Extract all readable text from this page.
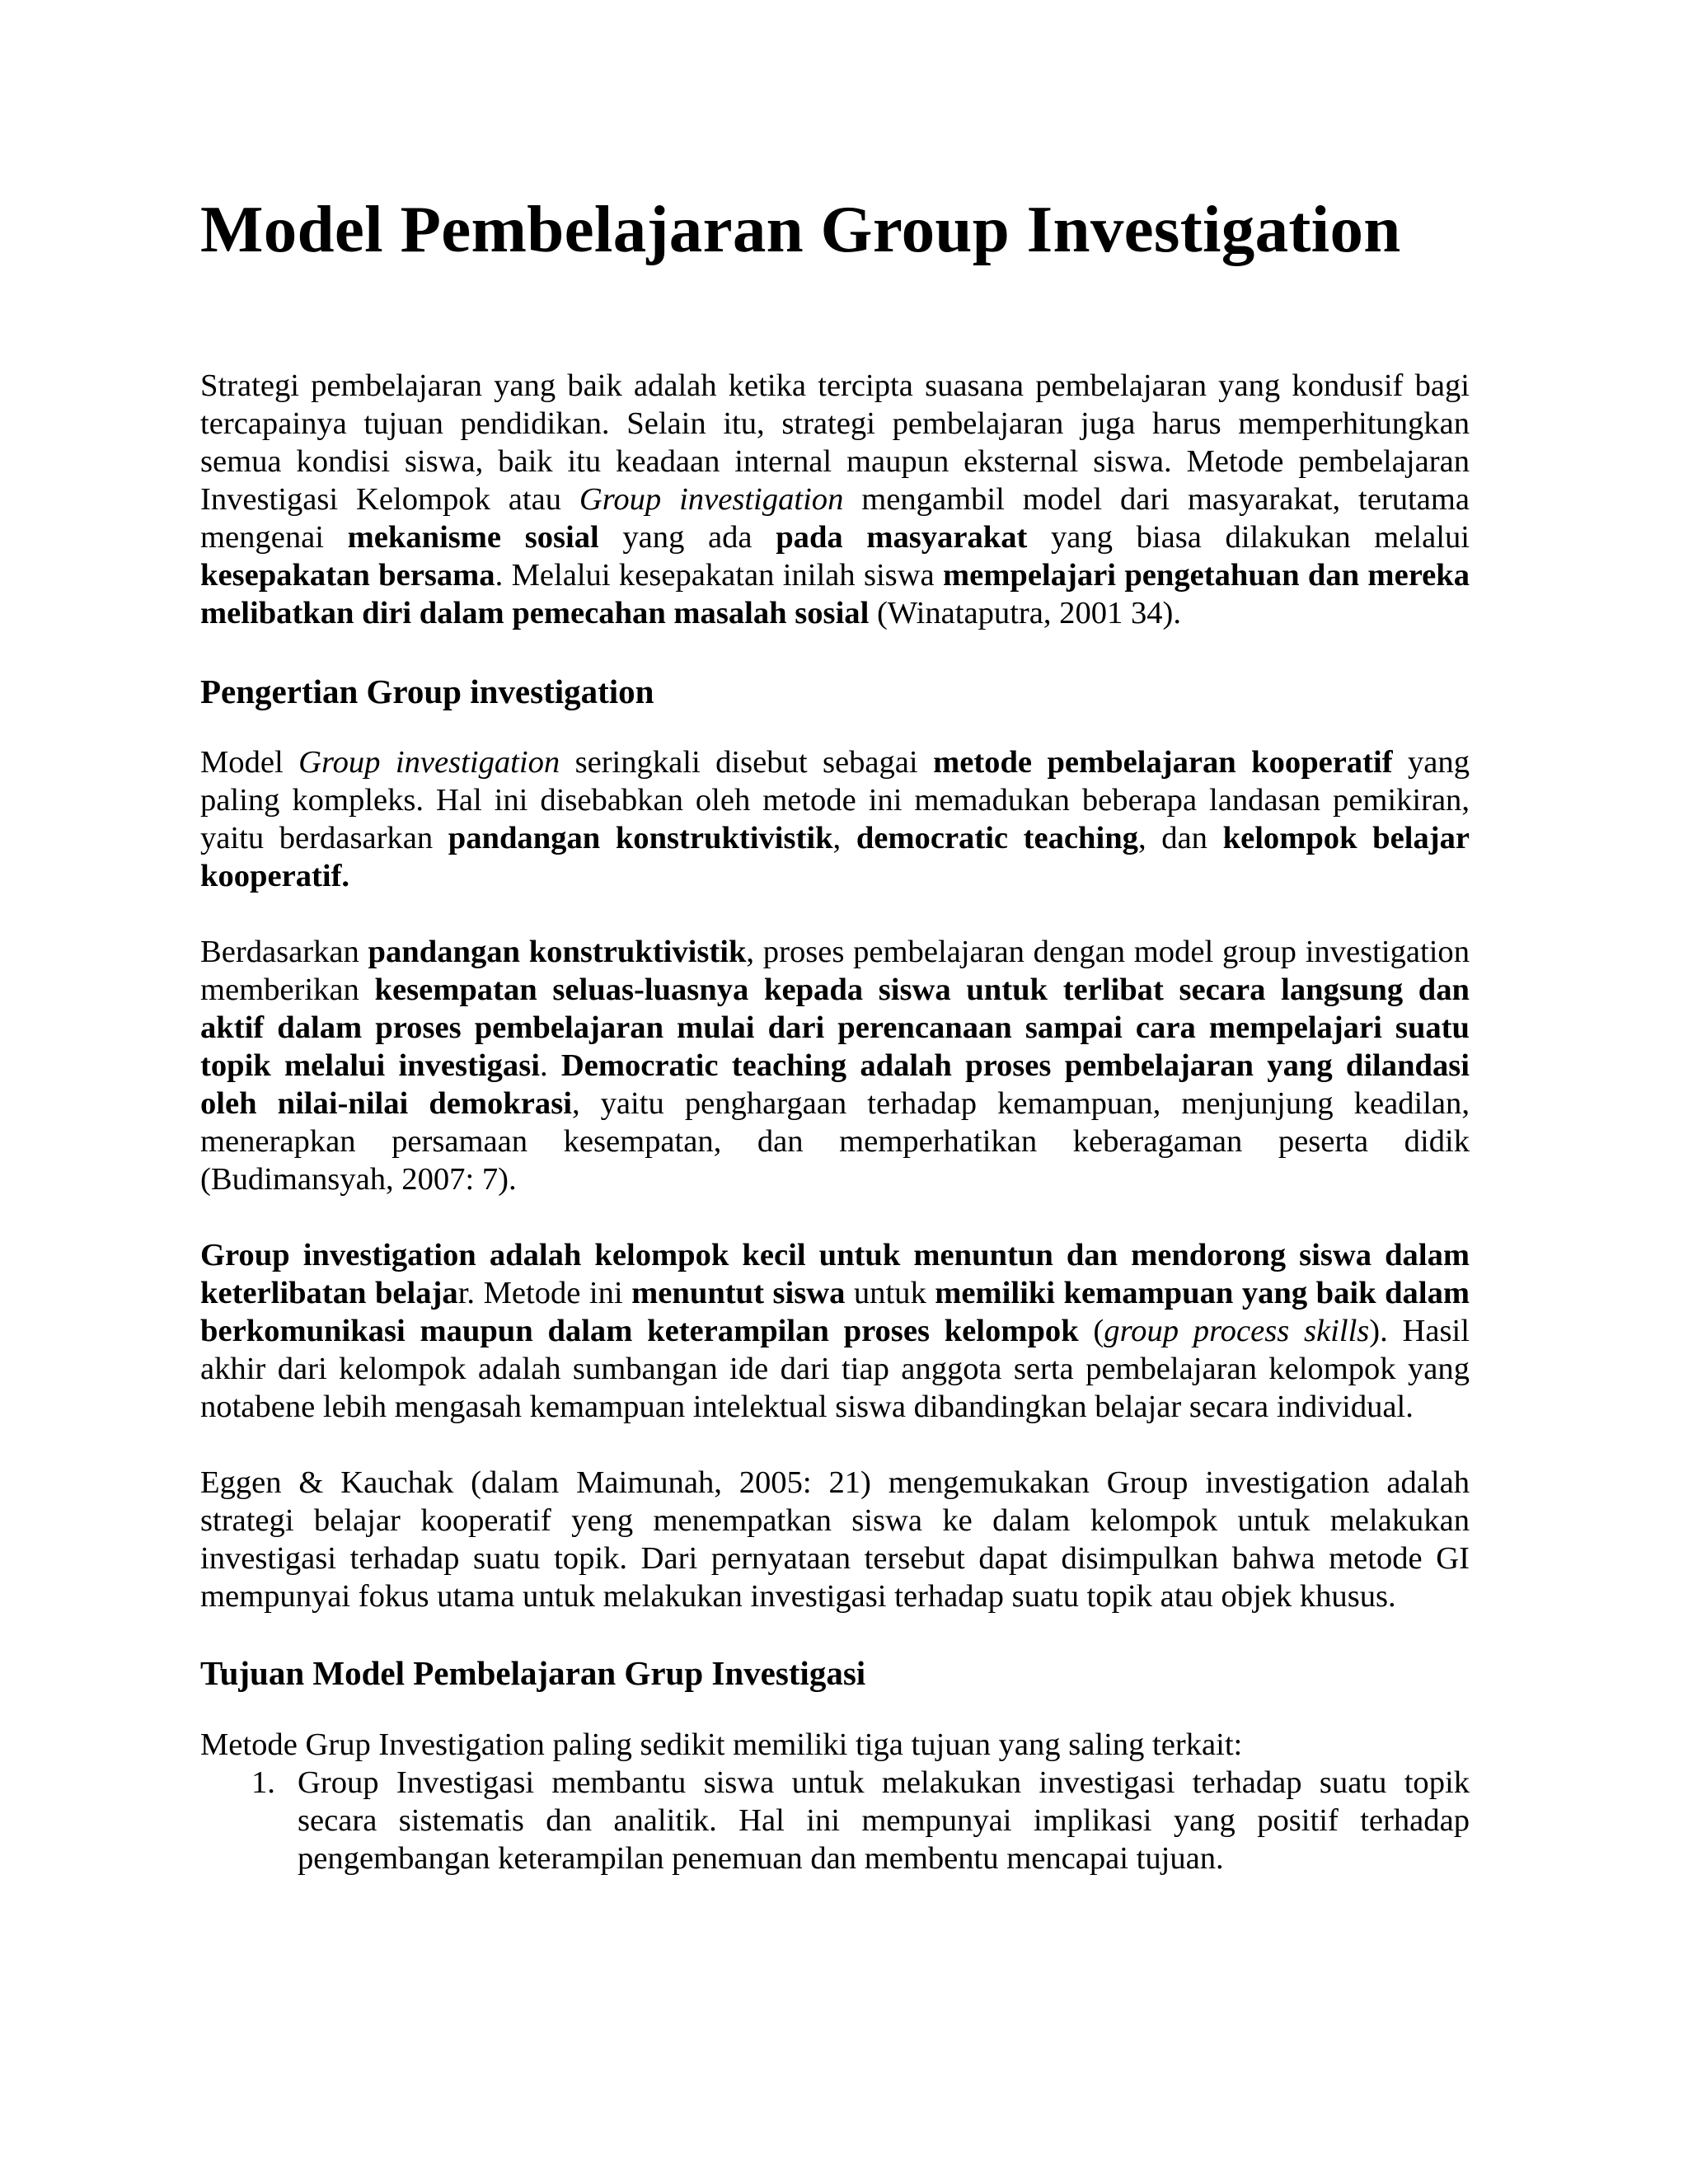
Model Pembelajaran Group Investigation

Strategi pembelajaran yang baik adalah ketika tercipta suasana pembelajaran yang kondusif bagi tercapainya tujuan pendidikan. Selain itu, strategi pembelajaran juga harus memperhitungkan semua kondisi siswa, baik itu keadaan internal maupun eksternal siswa. Metode pembelajaran Investigasi Kelompok atau Group investigation mengambil model dari masyarakat, terutama mengenai mekanisme sosial yang ada pada masyarakat yang biasa dilakukan melalui kesepakatan bersama. Melalui kesepakatan inilah siswa mempelajari pengetahuan dan mereka melibatkan diri dalam pemecahan masalah sosial (Winataputra, 2001 34).

Pengertian Group investigation

Model Group investigation seringkali disebut sebagai metode pembelajaran kooperatif yang paling kompleks. Hal ini disebabkan oleh metode ini memadukan beberapa landasan pemikiran, yaitu berdasarkan pandangan konstruktivistik, democratic teaching, dan kelompok belajar kooperatif.

Berdasarkan pandangan konstruktivistik, proses pembelajaran dengan model group investigation memberikan kesempatan seluas-luasnya kepada siswa untuk terlibat secara langsung dan aktif dalam proses pembelajaran mulai dari perencanaan sampai cara mempelajari suatu topik melalui investigasi. Democratic teaching adalah proses pembelajaran yang dilandasi oleh nilai-nilai demokrasi, yaitu penghargaan terhadap kemampuan, menjunjung keadilan, menerapkan persamaan kesempatan, dan memperhatikan keberagaman peserta didik (Budimansyah, 2007: 7).

Group investigation adalah kelompok kecil untuk menuntun dan mendorong siswa dalam keterlibatan belajar. Metode ini menuntut siswa untuk memiliki kemampuan yang baik dalam berkomunikasi maupun dalam keterampilan proses kelompok (group process skills). Hasil akhir dari kelompok adalah sumbangan ide dari tiap anggota serta pembelajaran kelompok yang notabene lebih mengasah kemampuan intelektual siswa dibandingkan belajar secara individual.

Eggen & Kauchak (dalam Maimunah, 2005: 21) mengemukakan Group investigation adalah strategi belajar kooperatif yeng menempatkan siswa ke dalam kelompok untuk melakukan investigasi terhadap suatu topik. Dari pernyataan tersebut dapat disimpulkan bahwa metode GI mempunyai fokus utama untuk melakukan investigasi terhadap suatu topik atau objek khusus.

Tujuan Model Pembelajaran Grup Investigasi

Metode Grup Investigation paling sedikit memiliki tiga tujuan yang saling terkait:

1. Group Investigasi membantu siswa untuk melakukan investigasi terhadap suatu topik secara sistematis dan analitik. Hal ini mempunyai implikasi yang positif terhadap pengembangan keterampilan penemuan dan membentu mencapai tujuan.
